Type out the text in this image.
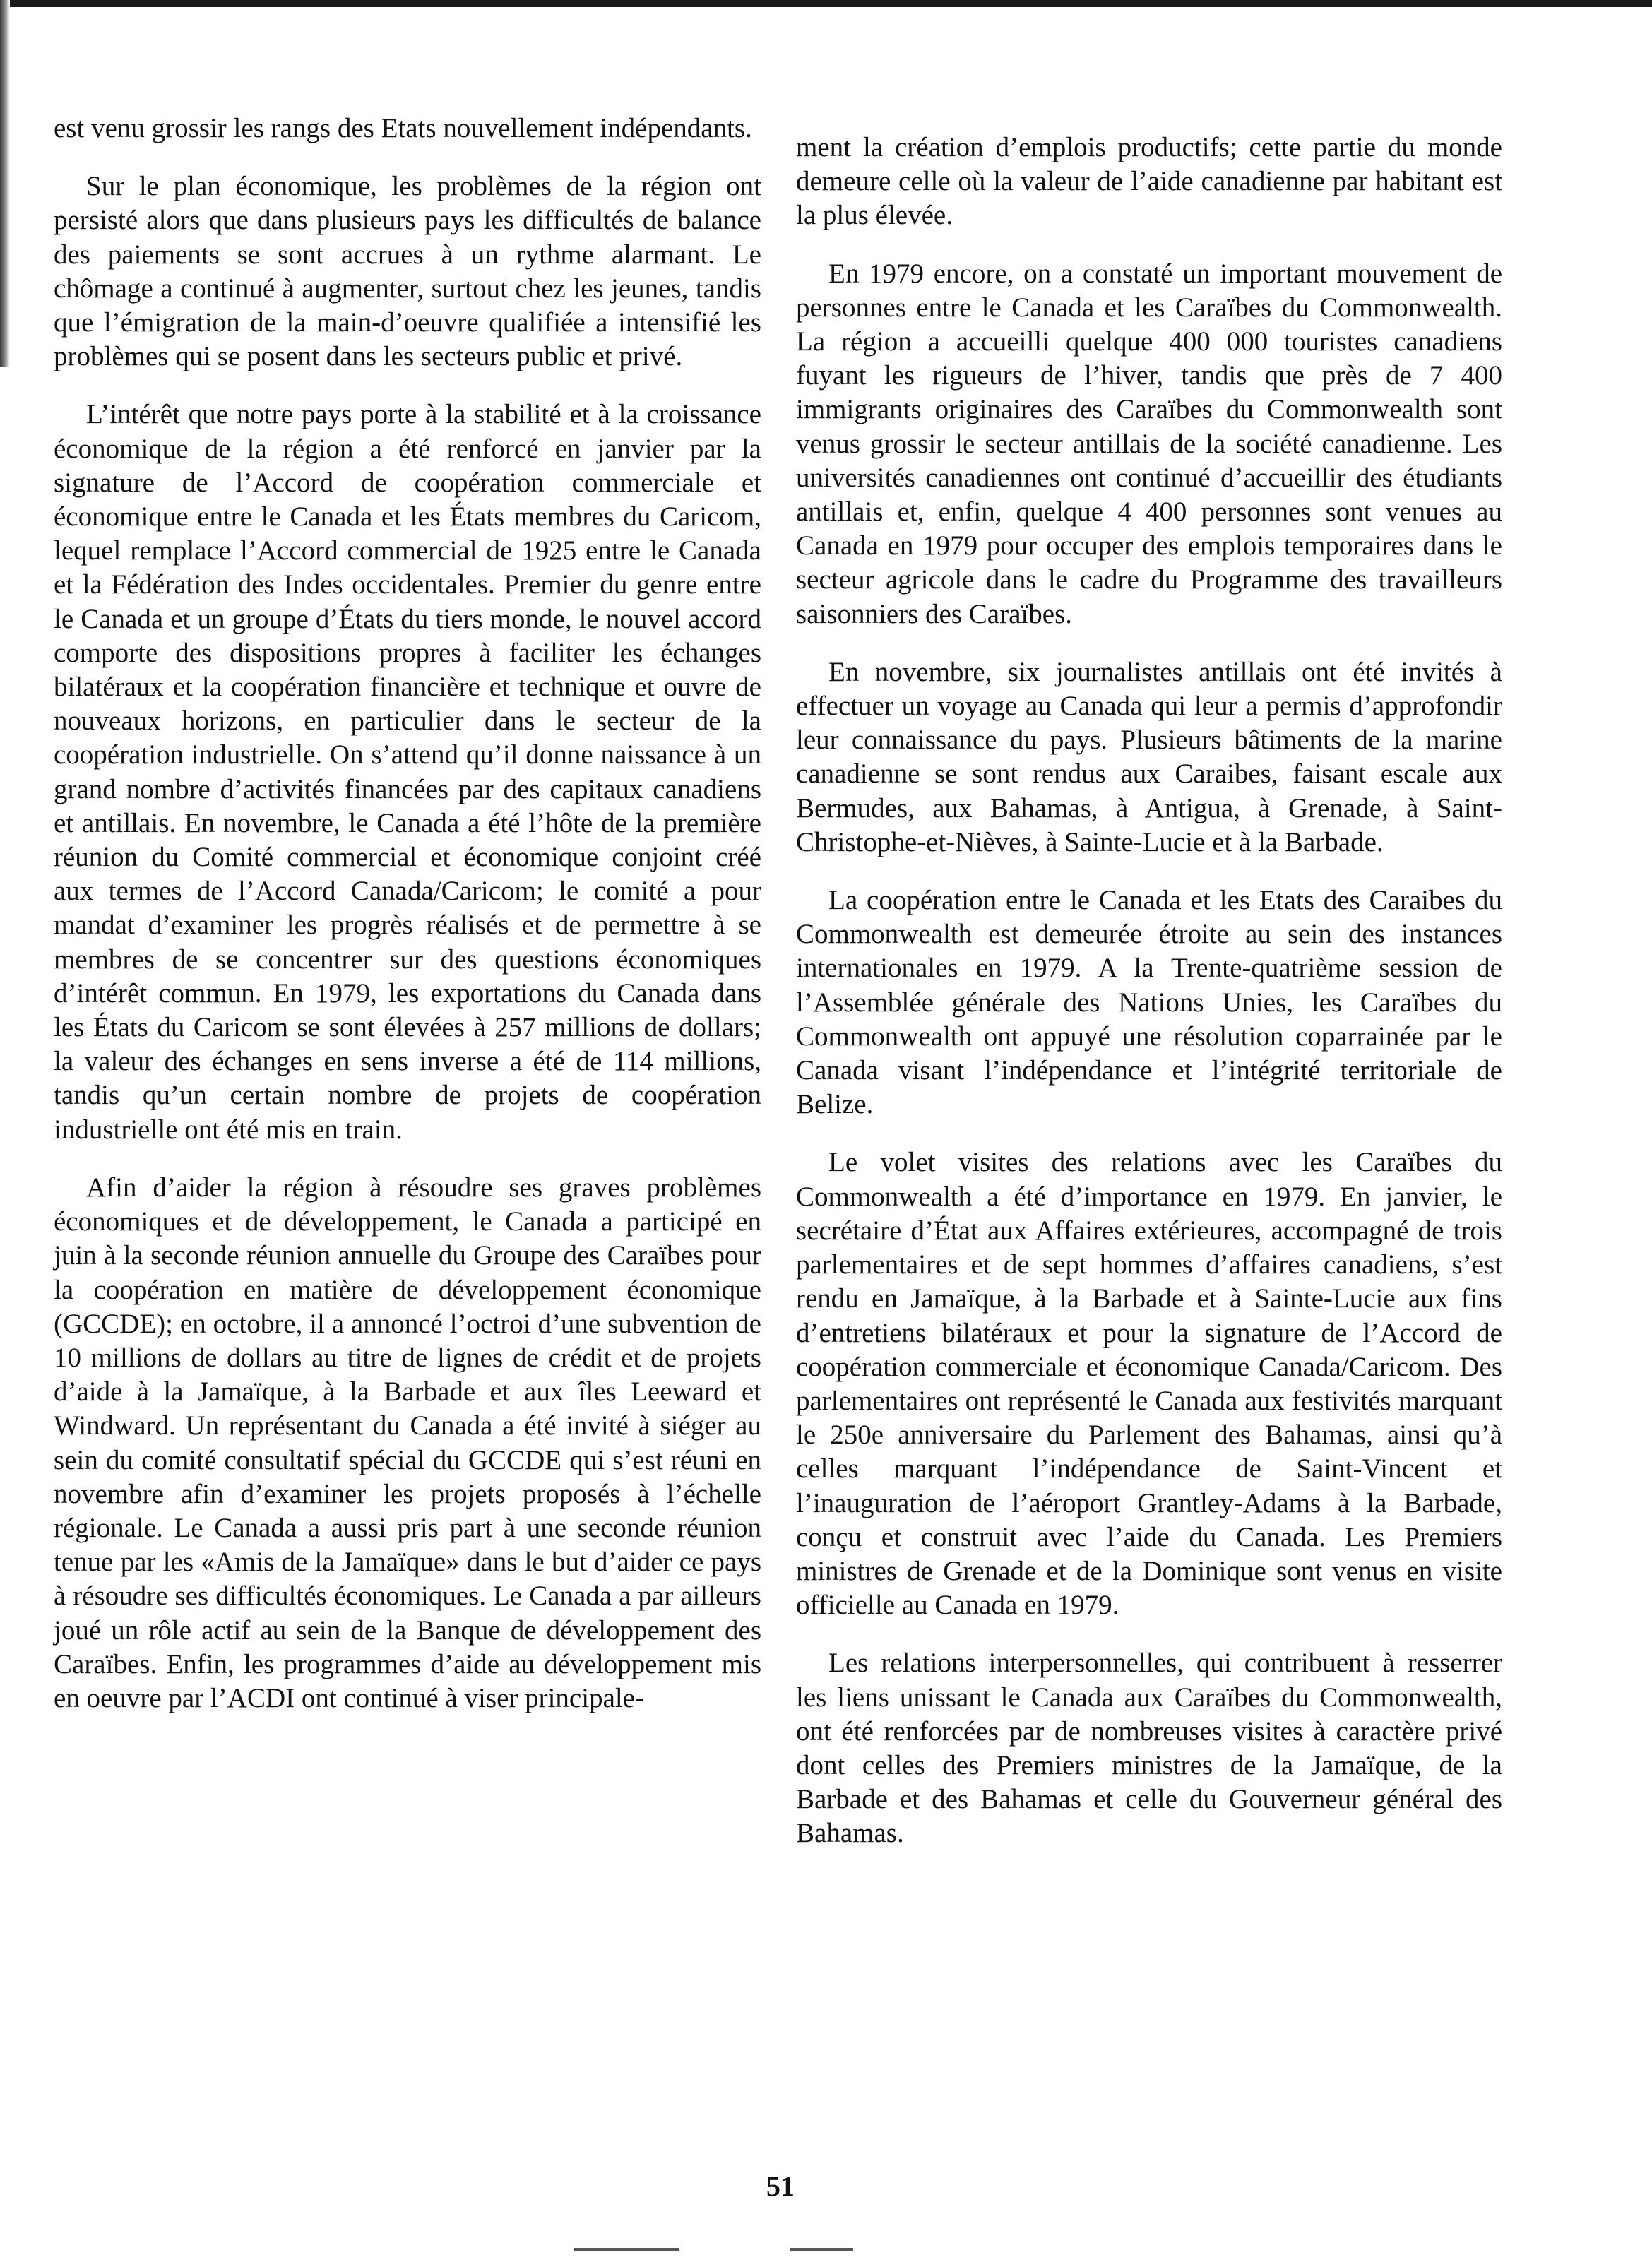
est venu grossir les rangs des Etats nouvellement indépendants.

Sur le plan économique, les problèmes de la région ont persisté alors que dans plusieurs pays les difficultés de balance des paiements se sont accrues à un rythme alarmant. Le chômage a continué à augmenter, surtout chez les jeunes, tandis que l’émigration de la main-d’oeuvre qualifiée a intensifié les problèmes qui se posent dans les secteurs public et privé.

L’intérêt que notre pays porte à la stabilité et à la croissance économique de la région a été renforcé en janvier par la signature de l’Accord de coopération commerciale et économique entre le Canada et les États membres du Caricom, lequel remplace l’Accord commercial de 1925 entre le Canada et la Fédération des Indes occidentales. Premier du genre entre le Canada et un groupe d’États du tiers monde, le nouvel accord comporte des dispositions propres à faciliter les échanges bilatéraux et la coopération financière et technique et ouvre de nouveaux horizons, en particulier dans le secteur de la coopération industrielle. On s’attend qu’il donne naissance à un grand nombre d’activités financées par des capitaux canadiens et antillais. En novembre, le Canada a été l’hôte de la première réunion du Comité commercial et économique conjoint créé aux termes de l’Accord Canada/Caricom; le comité a pour mandat d’examiner les progrès réalisés et de permettre à se membres de se concentrer sur des questions économiques d’intérêt commun. En 1979, les exportations du Canada dans les États du Caricom se sont élevées à 257 millions de dollars; la valeur des échanges en sens inverse a été de 114 millions, tandis qu’un certain nombre de projets de coopération industrielle ont été mis en train.

Afin d’aider la région à résoudre ses graves problèmes économiques et de développement, le Canada a participé en juin à la seconde réunion annuelle du Groupe des Caraïbes pour la coopération en matière de développement économique (GCCDE); en octobre, il a annoncé l’octroi d’une subvention de 10 millions de dollars au titre de lignes de crédit et de projets d’aide à la Jamaïque, à la Barbade et aux îles Leeward et Windward. Un représentant du Canada a été invité à siéger au sein du comité consultatif spécial du GCCDE qui s’est réuni en novembre afin d’examiner les projets proposés à l’échelle régionale. Le Canada a aussi pris part à une seconde réunion tenue par les «Amis de la Jamaïque» dans le but d’aider ce pays à résoudre ses difficultés économiques. Le Canada a par ailleurs joué un rôle actif au sein de la Banque de développement des Caraïbes. Enfin, les programmes d’aide au développement mis en oeuvre par l’ACDI ont continué à viser principale-

ment la création d’emplois productifs; cette partie du monde demeure celle où la valeur de l’aide canadienne par habitant est la plus élevée.

En 1979 encore, on a constaté un important mouvement de personnes entre le Canada et les Caraïbes du Commonwealth. La région a accueilli quelque 400 000 touristes canadiens fuyant les rigueurs de l’hiver, tandis que près de 7 400 immigrants originaires des Caraïbes du Commonwealth sont venus grossir le secteur antillais de la société canadienne. Les universités canadiennes ont continué d’accueillir des étudiants antillais et, enfin, quelque 4 400 personnes sont venues au Canada en 1979 pour occuper des emplois temporaires dans le secteur agricole dans le cadre du Programme des travailleurs saisonniers des Caraïbes.

En novembre, six journalistes antillais ont été invités à effectuer un voyage au Canada qui leur a permis d’approfondir leur connaissance du pays. Plusieurs bâtiments de la marine canadienne se sont rendus aux Caraibes, faisant escale aux Bermudes, aux Bahamas, à Antigua, à Grenade, à Saint-Christophe-et-Nièves, à Sainte-Lucie et à la Barbade.

La coopération entre le Canada et les Etats des Caraibes du Commonwealth est demeurée étroite au sein des instances internationales en 1979. A la Trente-quatrième session de l’Assemblée générale des Nations Unies, les Caraïbes du Commonwealth ont appuyé une résolution coparrainée par le Canada visant l’indépendance et l’intégrité territoriale de Belize.

Le volet visites des relations avec les Caraïbes du Commonwealth a été d’importance en 1979. En janvier, le secrétaire d’État aux Affaires extérieures, accompagné de trois parlementaires et de sept hommes d’affaires canadiens, s’est rendu en Jamaïque, à la Barbade et à Sainte-Lucie aux fins d’entretiens bilatéraux et pour la signature de l’Accord de coopération commerciale et économique Canada/Caricom. Des parlementaires ont représenté le Canada aux festivités marquant le 250e anniversaire du Parlement des Bahamas, ainsi qu’à celles marquant l’indépendance de Saint-Vincent et l’inauguration de l’aéroport Grantley-Adams à la Barbade, conçu et construit avec l’aide du Canada. Les Premiers ministres de Grenade et de la Dominique sont venus en visite officielle au Canada en 1979.

Les relations interpersonnelles, qui contribuent à resserrer les liens unissant le Canada aux Caraïbes du Commonwealth, ont été renforcées par de nombreuses visites à caractère privé dont celles des Premiers ministres de la Jamaïque, de la Barbade et des Bahamas et celle du Gouverneur général des Bahamas.

51
